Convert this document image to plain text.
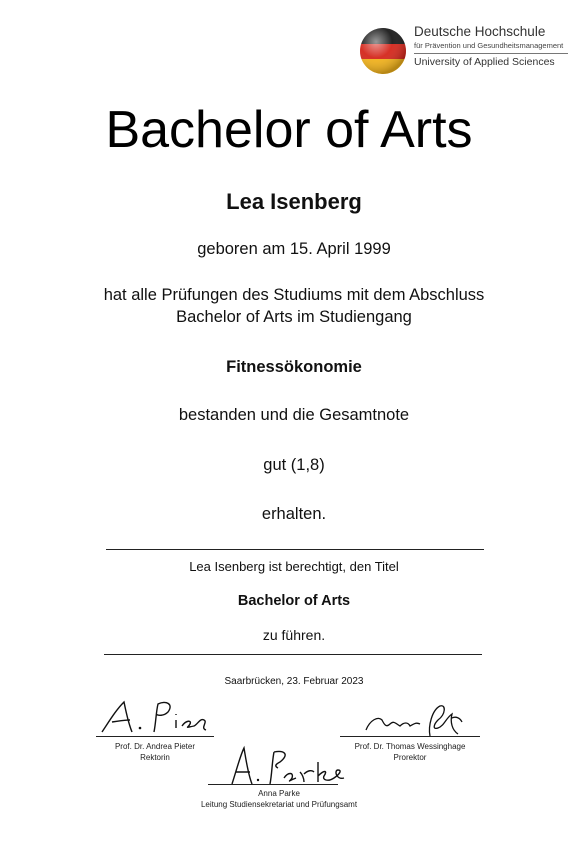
Deutsche Hochschule
für Prävention und Gesundheitsmanagement
University of Applied Sciences
Bachelor of Arts
Lea Isenberg
geboren am 15. April 1999
hat alle Prüfungen des Studiums mit dem Abschluss
Bachelor of Arts im Studiengang
Fitnessökonomie
bestanden und die Gesamtnote
gut (1,8)
erhalten.
Lea Isenberg ist berechtigt, den Titel
Bachelor of Arts
zu führen.
Saarbrücken, 23. Februar 2023
Prof. Dr. Andrea Pieter
Rektorin
Prof. Dr. Thomas Wessinghage
Prorektor
Anna Parke
Leitung Studiensekretariat und Prüfungsamt
